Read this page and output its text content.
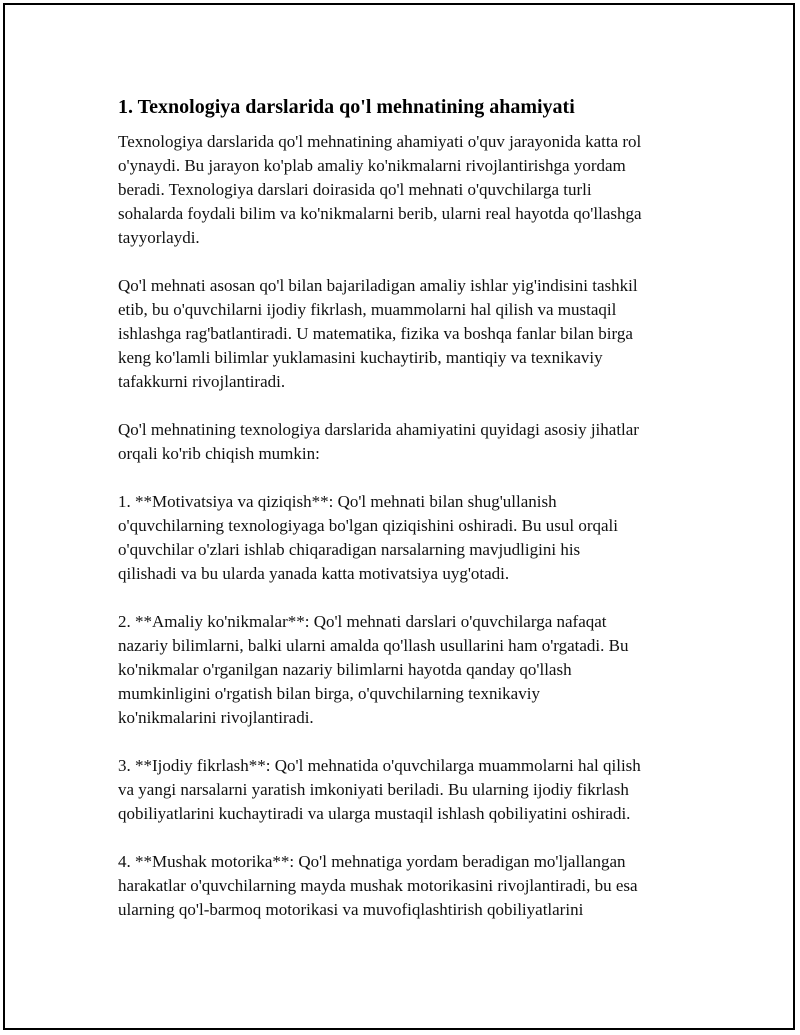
1. Texnologiya darslarida qo'l mehnatining ahamiyati

Texnologiya darslarida qo'l mehnatining ahamiyati o'quv jarayonida katta rol
o'ynaydi. Bu jarayon ko'plab amaliy ko'nikmalarni rivojlantirishga yordam
beradi. Texnologiya darslari doirasida qo'l mehnati o'quvchilarga turli
sohalarda foydali bilim va ko'nikmalarni berib, ularni real hayotda qo'llashga
tayyorlaydi.

Qo'l mehnati asosan qo'l bilan bajariladigan amaliy ishlar yig'indisini tashkil
etib, bu o'quvchilarni ijodiy fikrlash, muammolarni hal qilish va mustaqil
ishlashga rag'batlantiradi. U matematika, fizika va boshqa fanlar bilan birga
keng ko'lamli bilimlar yuklamasini kuchaytirib, mantiqiy va texnikaviy
tafakkurni rivojlantiradi.

Qo'l mehnatining texnologiya darslarida ahamiyatini quyidagi asosiy jihatlar
orqali ko'rib chiqish mumkin:

1. **Motivatsiya va qiziqish**: Qo'l mehnati bilan shug'ullanish
o'quvchilarning texnologiyaga bo'lgan qiziqishini oshiradi. Bu usul orqali
o'quvchilar o'zlari ishlab chiqaradigan narsalarning mavjudligini his
qilishadi va bu ularda yanada katta motivatsiya uyg'otadi.

2. **Amaliy ko'nikmalar**: Qo'l mehnati darslari o'quvchilarga nafaqat
nazariy bilimlarni, balki ularni amalda qo'llash usullarini ham o'rgatadi. Bu
ko'nikmalar o'rganilgan nazariy bilimlarni hayotda qanday qo'llash
mumkinligini o'rgatish bilan birga, o'quvchilarning texnikaviy
ko'nikmalarini rivojlantiradi.

3. **Ijodiy fikrlash**: Qo'l mehnatida o'quvchilarga muammolarni hal qilish
va yangi narsalarni yaratish imkoniyati beriladi. Bu ularning ijodiy fikrlash
qobiliyatlarini kuchaytiradi va ularga mustaqil ishlash qobiliyatini oshiradi.

4. **Mushak motorika**: Qo'l mehnatiga yordam beradigan mo'ljallangan
harakatlar o'quvchilarning mayda mushak motorikasini rivojlantiradi, bu esa
ularning qo'l-barmoq motorikasi va muvofiqlashtirish qobiliyatlarini
